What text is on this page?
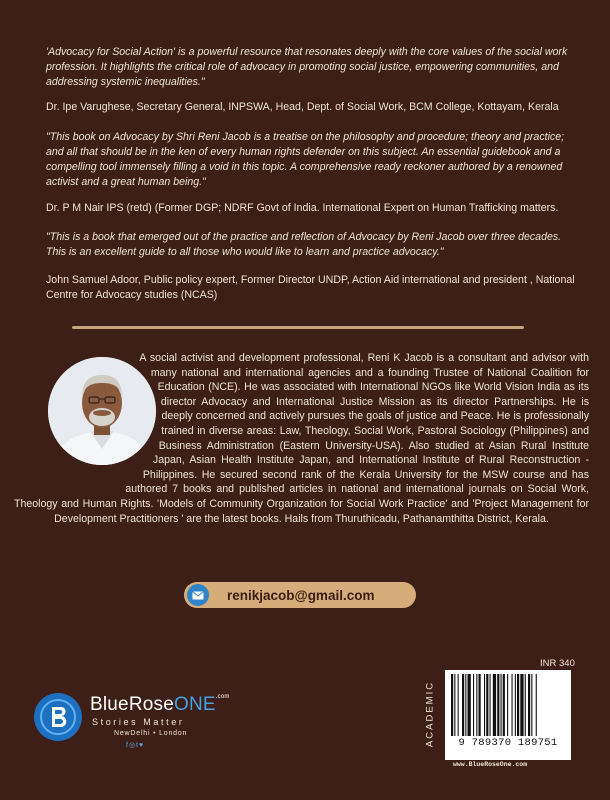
'Advocacy for Social Action' is a powerful resource that resonates deeply with the core values of the social work profession. It highlights the critical role of advocacy in promoting social justice, empowering communities, and addressing systemic inequalities."
Dr. Ipe Varughese, Secretary General, INPSWA, Head, Dept. of Social Work, BCM College, Kottayam, Kerala
"This book on Advocacy by Shri Reni Jacob is a treatise on the philosophy and procedure; theory and practice; and all that should be in the ken of every human rights defender on this subject. An essential guidebook and a compelling tool immensely filling a void in this topic. A comprehensive ready reckoner authored by a renowned activist and a great human being."
Dr. P M Nair IPS (retd) (Former DGP; NDRF Govt of India. International Expert on Human Trafficking matters.
"This is a book that emerged out of the practice and reflection of Advocacy by Reni Jacob over three decades. This is an excellent guide to all those who would like to learn and practice advocacy."
John Samuel Adoor, Public policy expert, Former Director UNDP, Action Aid international and president , National Centre for Advocacy studies (NCAS)

A social activist and development professional, Reni K Jacob is a consultant and advisor with many national and international agencies and a founding Trustee of National Coalition for Education (NCE). He was associated with International NGOs like World Vision India as its director Advocacy and International Justice Mission as its director Partnerships. He is deeply concerned and actively pursues the goals of justice and Peace. He is professionally trained in diverse areas: Law, Theology, Social Work, Pastoral Sociology (Philippines) and Business Administration (Eastern University-USA). Also studied at Asian Rural Institute Japan, Asian Health Institute Japan, and International Institute of Rural Reconstruction -Philippines. He secured second rank of the Kerala University for the MSW course and has authored 7 books and published articles in national and international journals on Social Work, Theology and Human Rights. 'Models of Community Organization for Social Work Practice' and 'Project Management for Development Practitioners ' are the latest books. Hails from Thuruthicadu, Pathanamthitta District, Kerala.

renikjacob@gmail.com
BlueRoseONE$^{.com}$
Stories Matter
NewDelhi • London
f◎t♥
INR 340
ACADEMIC	9 789370 189751
www.BlueRoseOne.com
